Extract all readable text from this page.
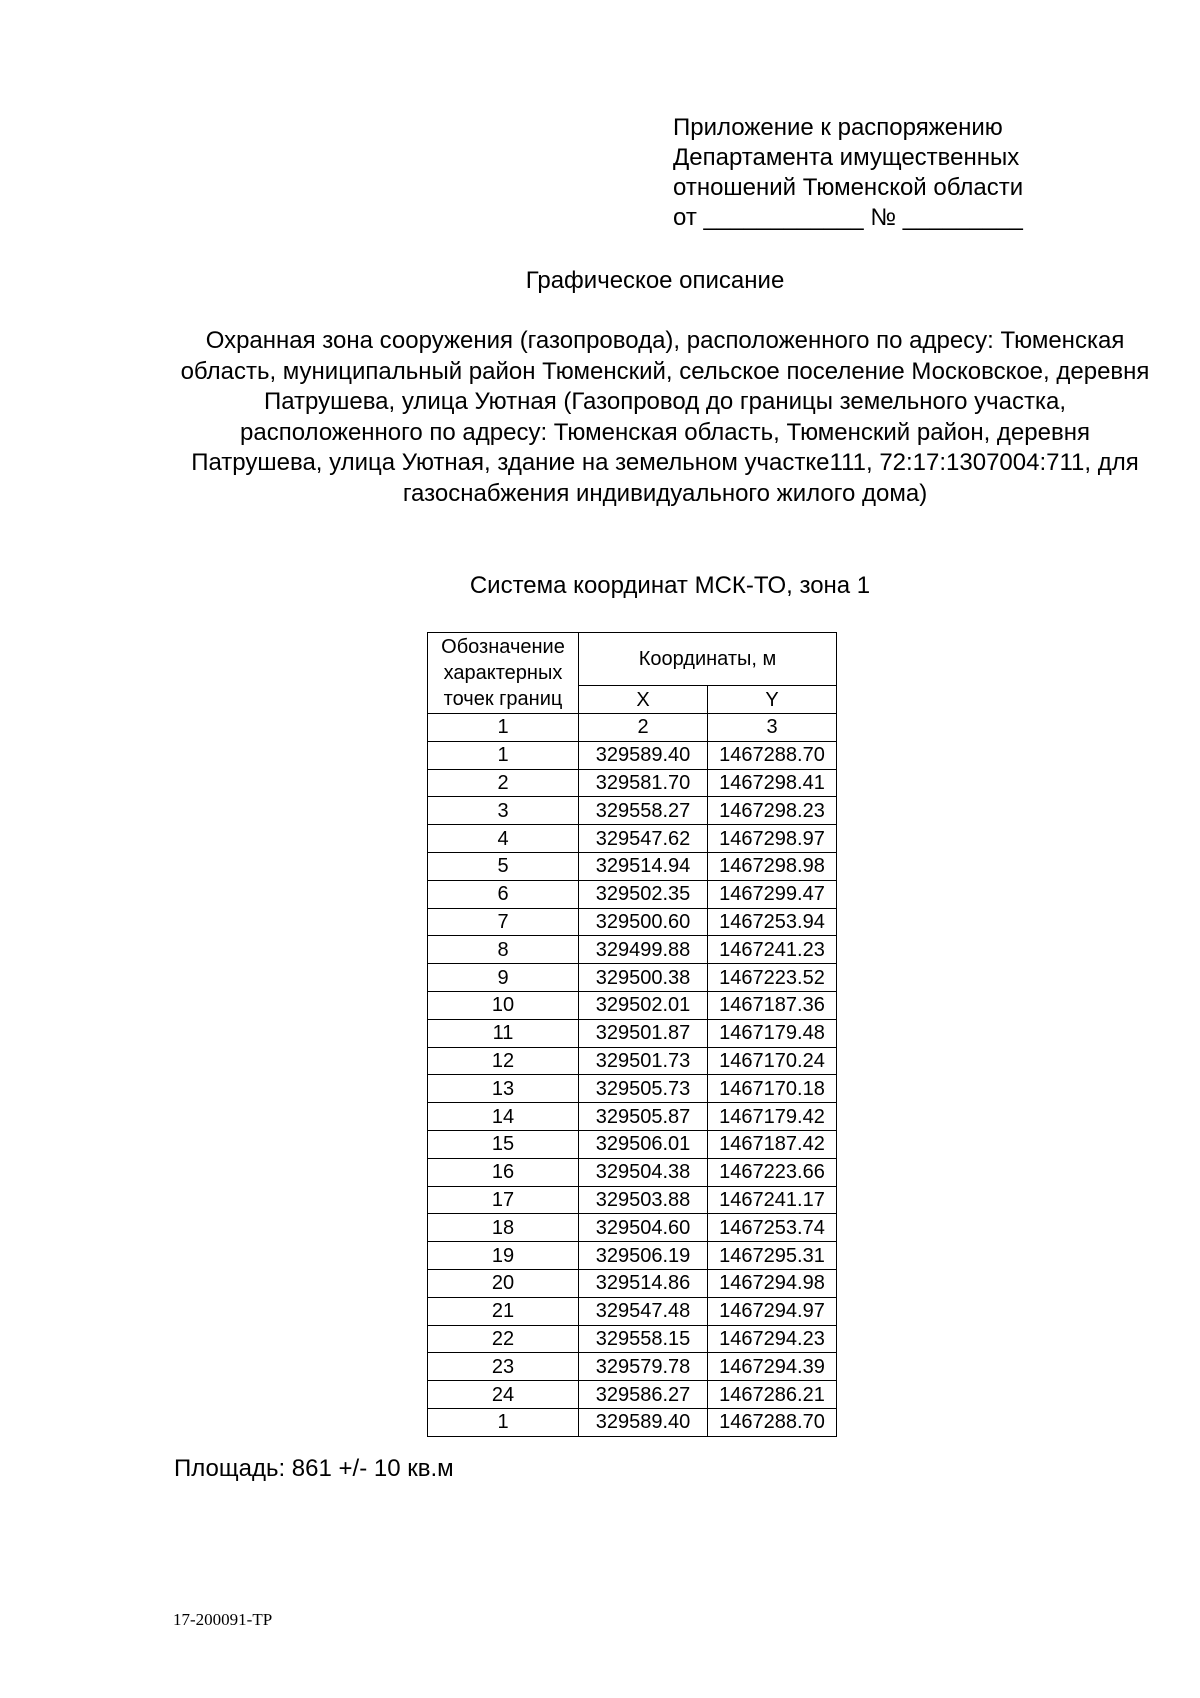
Приложение к распоряжению
Департамента имущественных
отношений Тюменской области
от ____________ № _________
Графическое описание
Охранная зона сооружения (газопровода), расположенного по адресу: Тюменская область, муниципальный район Тюменский, сельское поселение Московское, деревня Патрушева, улица Уютная (Газопровод до границы земельного участка, расположенного по адресу: Тюменская область, Тюменский район, деревня Патрушева, улица Уютная, здание на земельном участке111, 72:17:1307004:711, для газоснабжения индивидуального жилого дома)
Система координат МСК-ТО, зона 1
Обозначение характерных точек границ	Координаты, м	
	X	Y
1	2	3
1	329589.40	1467288.70
2	329581.70	1467298.41
3	329558.27	1467298.23
4	329547.62	1467298.97
5	329514.94	1467298.98
6	329502.35	1467299.47
7	329500.60	1467253.94
8	329499.88	1467241.23
9	329500.38	1467223.52
10	329502.01	1467187.36
11	329501.87	1467179.48
12	329501.73	1467170.24
13	329505.73	1467170.18
14	329505.87	1467179.42
15	329506.01	1467187.42
16	329504.38	1467223.66
17	329503.88	1467241.17
18	329504.60	1467253.74
19	329506.19	1467295.31
20	329514.86	1467294.98
21	329547.48	1467294.97
22	329558.15	1467294.23
23	329579.78	1467294.39
24	329586.27	1467286.21
1	329589.40	1467288.70
Площадь: 861 +/- 10 кв.м
17-200091-ТР
